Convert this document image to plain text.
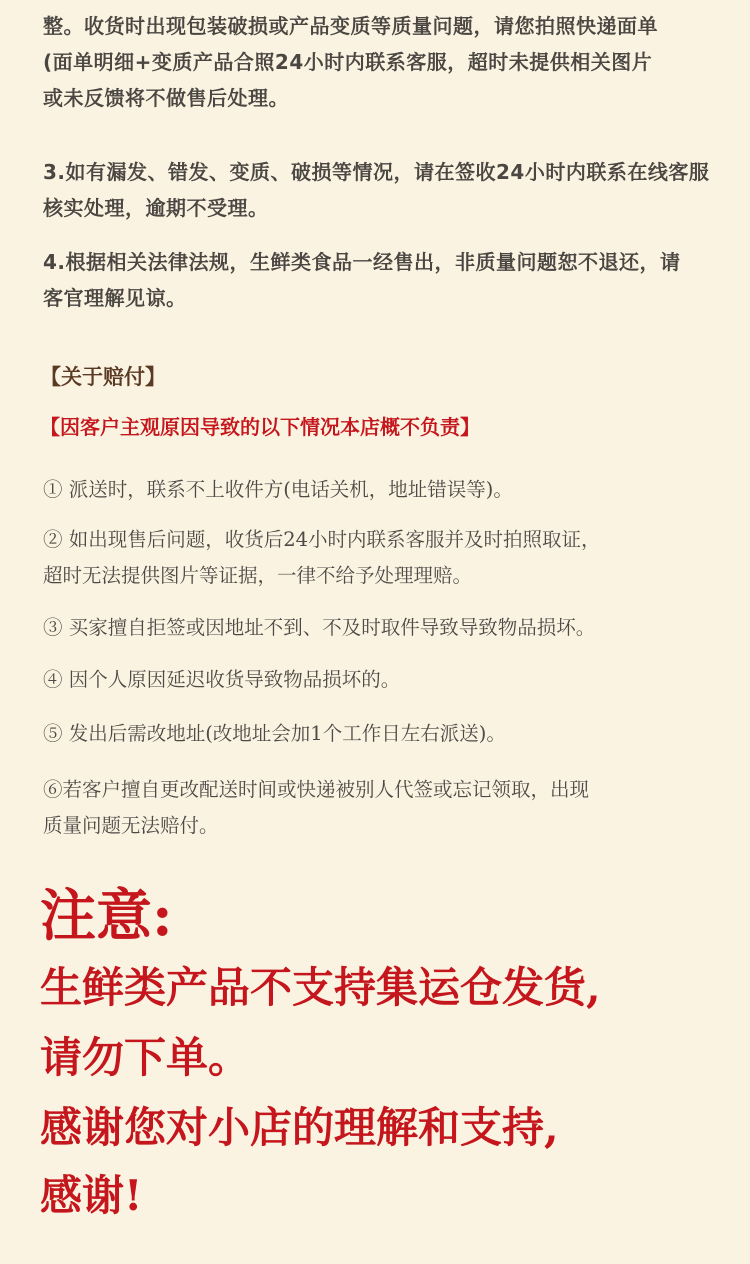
整。收货时出现包装破损或产品变质等质量问题，请您拍照快递面单
(面单明细+变质产品合照24小时内联系客服，超时未提供相关图片
或未反馈将不做售后处理。

3.如有漏发、错发、变质、破损等情况，请在签收24小时内联系在线客服
核实处理，逾期不受理。

4.根据相关法律法规，生鲜类食品一经售出，非质量问题恕不退还，请
客官理解见谅。

【关于赔付】
【因客户主观原因导致的以下情况本店概不负责】

① 派送时，联系不上收件方(电话关机，地址错误等)。

② 如出现售后问题，收货后24小时内联系客服并及时拍照取证，
超时无法提供图片等证据，一律不给予处理理赔。

③ 买家擅自拒签或因地址不到、不及时取件导致导致物品损坏。

④ 因个人原因延迟收货导致物品损坏的。

⑤ 发出后需改地址(改地址会加1个工作日左右派送)。

⑥若客户擅自更改配送时间或快递被别人代签或忘记领取，出现
质量问题无法赔付。

注意:
生鲜类产品不支持集运仓发货,
请勿下单。
感谢您对小店的理解和支持,
感谢!
